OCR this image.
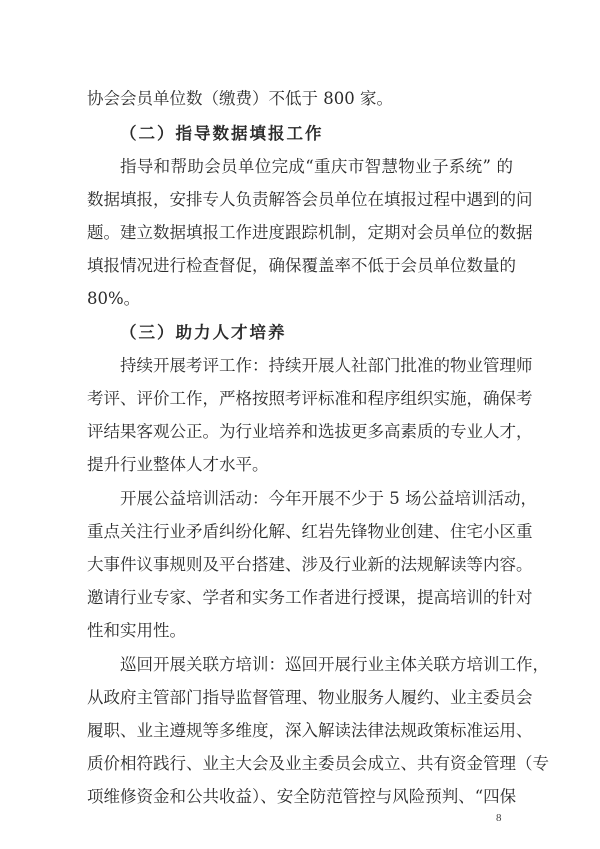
协会会员单位数（缴费）不低于 800 家。
（二）指导数据填报工作
指导和帮助会员单位完成“重庆市智慧物业子系统” 的
数据填报，安排专人负责解答会员单位在填报过程中遇到的问
题。建立数据填报工作进度跟踪机制，定期对会员单位的数据
填报情况进行检查督促，确保覆盖率不低于会员单位数量的
80%。
（三）助力人才培养
持续开展考评工作：持续开展人社部门批准的物业管理师
考评、评价工作，严格按照考评标准和程序组织实施，确保考
评结果客观公正。为行业培养和选拔更多高素质的专业人才，
提升行业整体人才水平。
开展公益培训活动：今年开展不少于 5 场公益培训活动，
重点关注行业矛盾纠纷化解、红岩先锋物业创建、住宅小区重
大事件议事规则及平台搭建、涉及行业新的法规解读等内容。
邀请行业专家、学者和实务工作者进行授课，提高培训的针对
性和实用性。
巡回开展关联方培训：巡回开展行业主体关联方培训工作，
从政府主管部门指导监督管理、物业服务人履约、业主委员会
履职、业主遵规等多维度，深入解读法律法规政策标准运用、
质价相符践行、业主大会及业主委员会成立、共有资金管理（专
项维修资金和公共收益）、安全防范管控与风险预判、“四保
8
